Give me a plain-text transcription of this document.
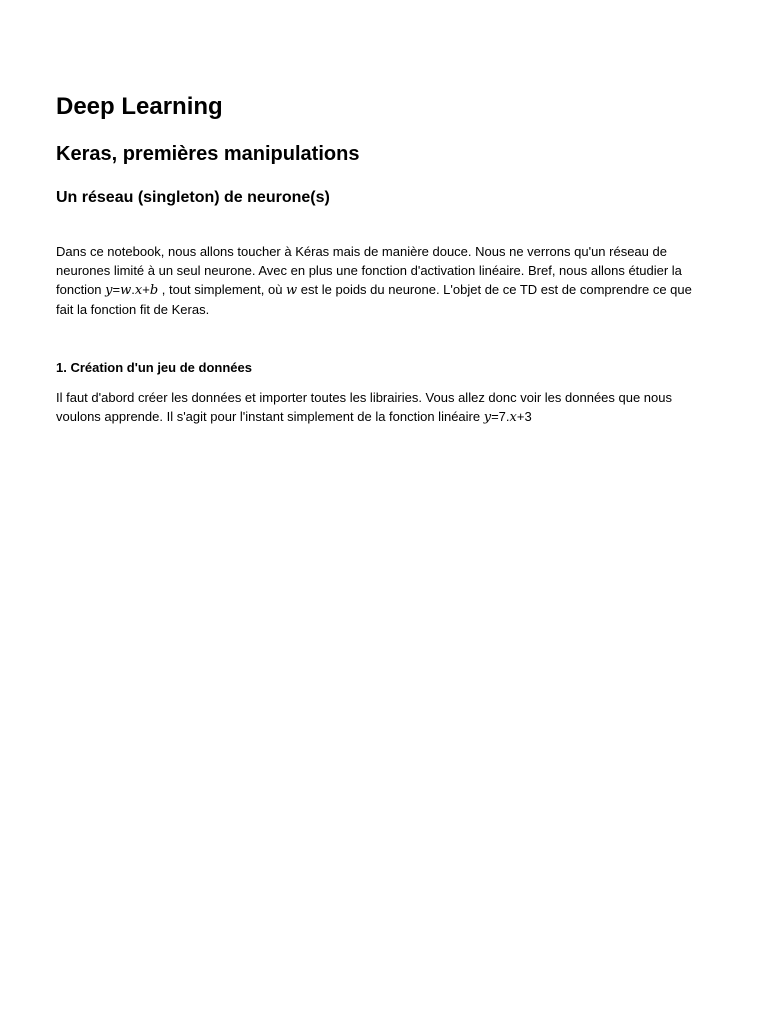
Deep Learning
Keras, premières manipulations
Un réseau (singleton) de neurone(s)

Dans ce notebook, nous allons toucher à Kéras mais de manière douce. Nous ne verrons qu'un réseau de neurones limité à un seul neurone. Avec en plus une fonction d'activation linéaire. Bref, nous allons étudier la fonction y=w.x+b , tout simplement, où w est le poids du neurone. L'objet de ce TD est de comprendre ce que fait la fonction fit de Keras.

1. Création d'un jeu de données

Il faut d'abord créer les données et importer toutes les librairies. Vous allez donc voir les données que nous voulons apprende. Il s'agit pour l'instant simplement de la fonction linéaire y=7.x+3
